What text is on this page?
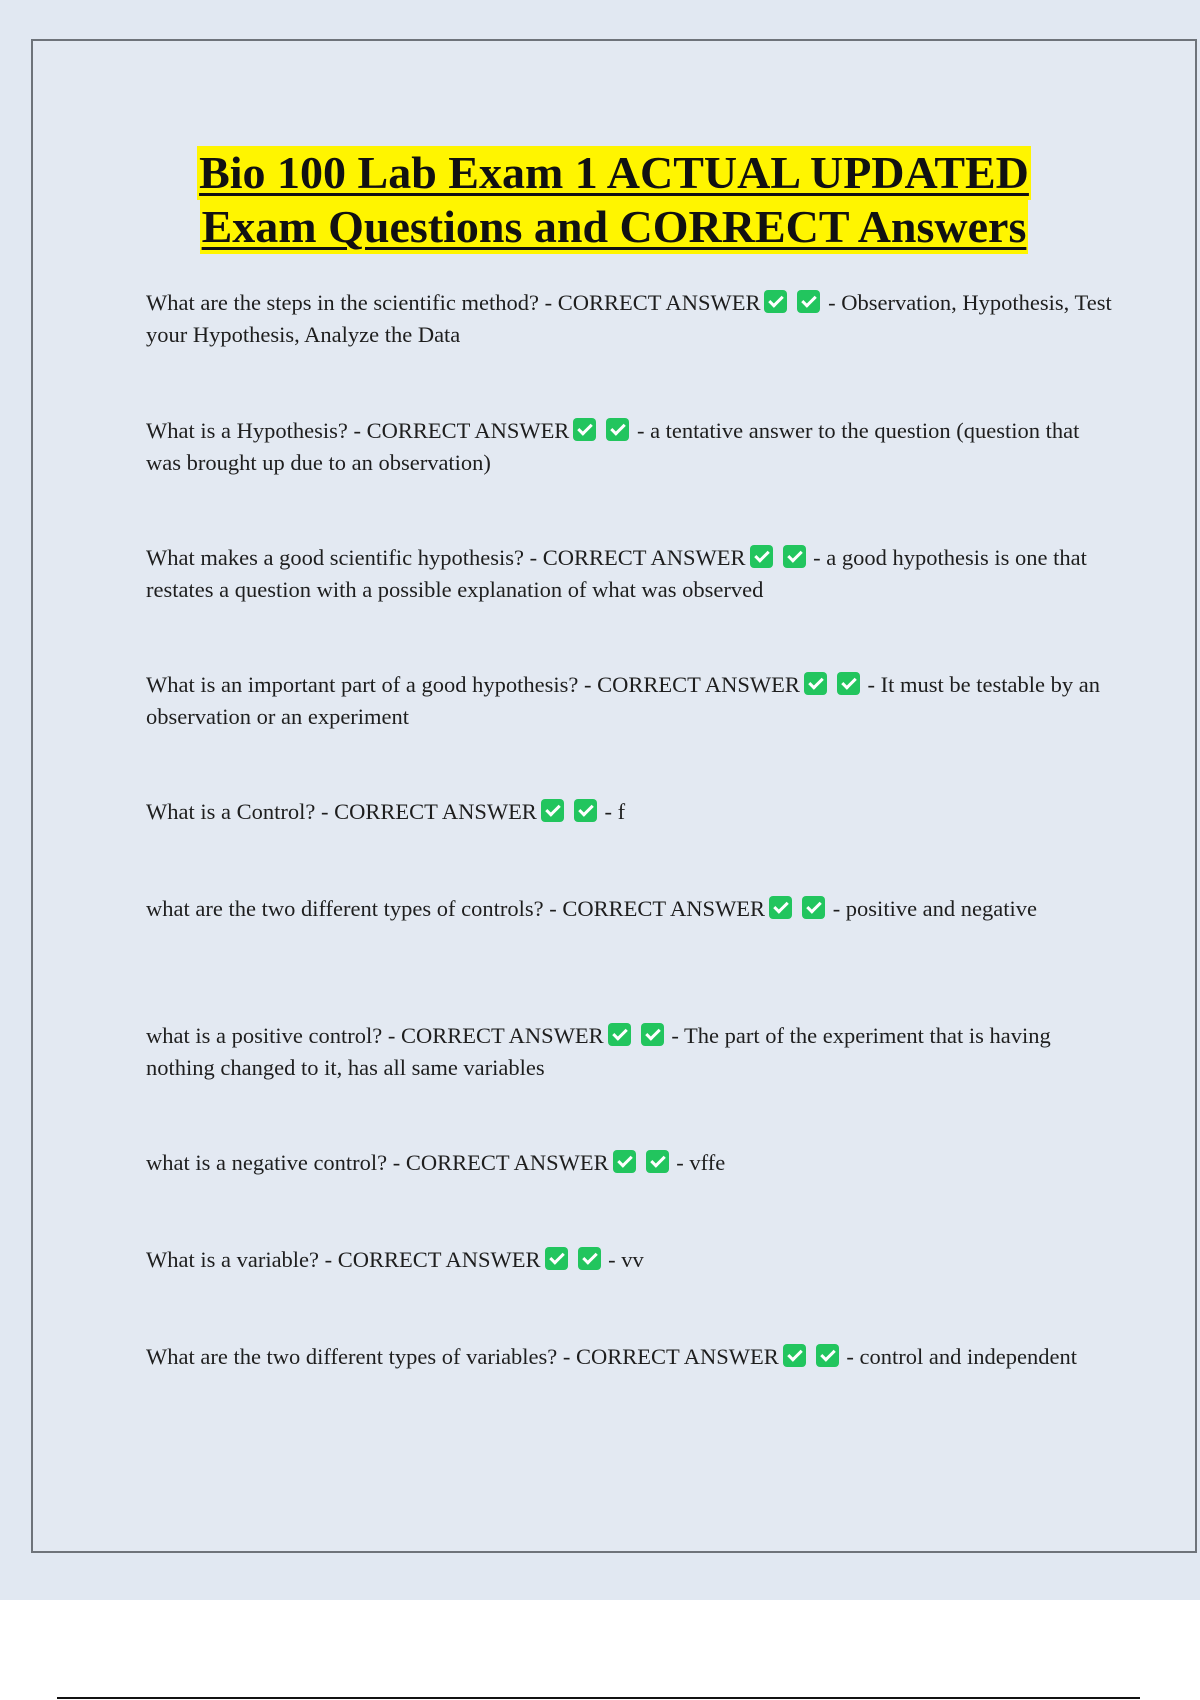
Bio 100 Lab Exam 1 ACTUAL UPDATED
Exam Questions and CORRECT Answers
What are the steps in the scientific method? - CORRECT ANSWER	- Observation, Hypothesis, Test your Hypothesis, Analyze the Data
What is a Hypothesis? - CORRECT ANSWER	- a tentative answer to the question (question that was brought up due to an observation)
What makes a good scientific hypothesis? - CORRECT ANSWER	- a good hypothesis is one that restates a question with a possible explanation of what was observed
What is an important part of a good hypothesis? - CORRECT ANSWER	- It must be testable by an observation or an experiment
What is a Control? - CORRECT ANSWER	- f
what are the two different types of controls? - CORRECT ANSWER	- positive and negative
what is a positive control? - CORRECT ANSWER	- The part of the experiment that is having nothing changed to it, has all same variables
what is a negative control? - CORRECT ANSWER	- vffe
What is a variable? - CORRECT ANSWER	- vv
What are the two different types of variables? - CORRECT ANSWER	- control and independent
